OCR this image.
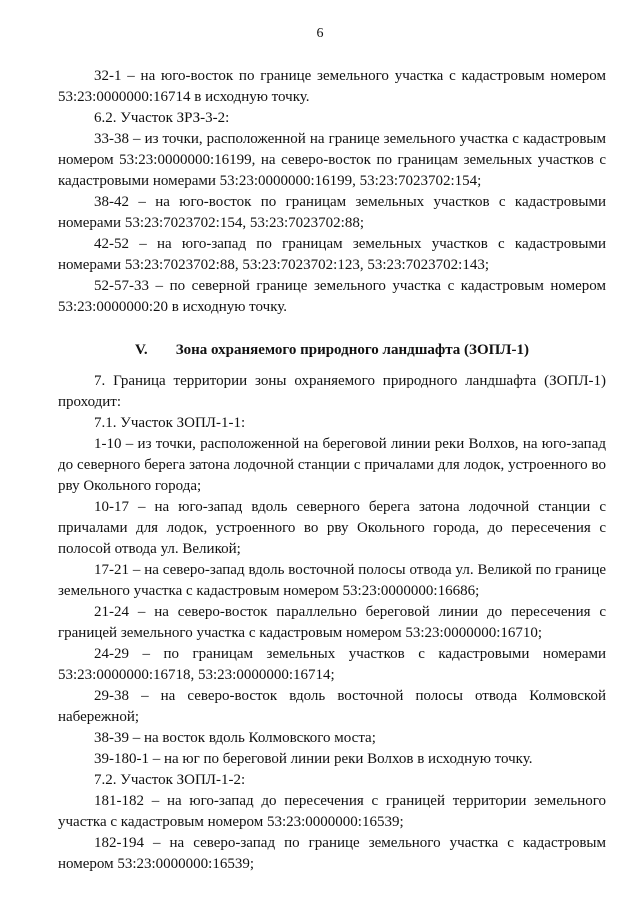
6

32-1 – на юго-восток по границе земельного участка с кадастровым номером 53:23:0000000:16714 в исходную точку.

6.2. Участок ЗРЗ-3-2:

33-38 – из точки, расположенной на границе земельного участка с кадастровым номером 53:23:0000000:16199, на северо-восток по границам земельных участков с кадастровыми номерами 53:23:0000000:16199, 53:23:7023702:154;

38-42 – на юго-восток по границам земельных участков с кадастровыми номерами 53:23:7023702:154, 53:23:7023702:88;

42-52 – на юго-запад по границам земельных участков с кадастровыми номерами 53:23:7023702:88, 53:23:7023702:123, 53:23:7023702:143;

52-57-33 – по северной границе земельного участка с кадастровым номером 53:23:0000000:20 в исходную точку.

V. Зона охраняемого природного ландшафта (ЗОПЛ-1)

7. Граница территории зоны охраняемого природного ландшафта (ЗОПЛ-1) проходит:

7.1. Участок ЗОПЛ-1-1:

1-10 – из точки, расположенной на береговой линии реки Волхов, на юго-запад до северного берега затона лодочной станции с причалами для лодок, устроенного во рву Окольного города;

10-17 – на юго-запад вдоль северного берега затона лодочной станции с причалами для лодок, устроенного во рву Окольного города, до пересечения с полосой отвода ул. Великой;

17-21 – на северо-запад вдоль восточной полосы отвода ул. Великой по границе земельного участка с кадастровым номером 53:23:0000000:16686;

21-24 – на северо-восток параллельно береговой линии до пересечения с границей земельного участка с кадастровым номером 53:23:0000000:16710;

24-29 – по границам земельных участков с кадастровыми номерами 53:23:0000000:16718, 53:23:0000000:16714;

29-38 – на северо-восток вдоль восточной полосы отвода Колмовской набережной;

38-39 – на восток вдоль Колмовского моста;

39-180-1 – на юг по береговой линии реки Волхов в исходную точку.

7.2. Участок ЗОПЛ-1-2:

181-182 – на юго-запад до пересечения с границей территории земельного участка с кадастровым номером 53:23:0000000:16539;

182-194 – на северо-запад по границе земельного участка с кадастровым номером 53:23:0000000:16539;
